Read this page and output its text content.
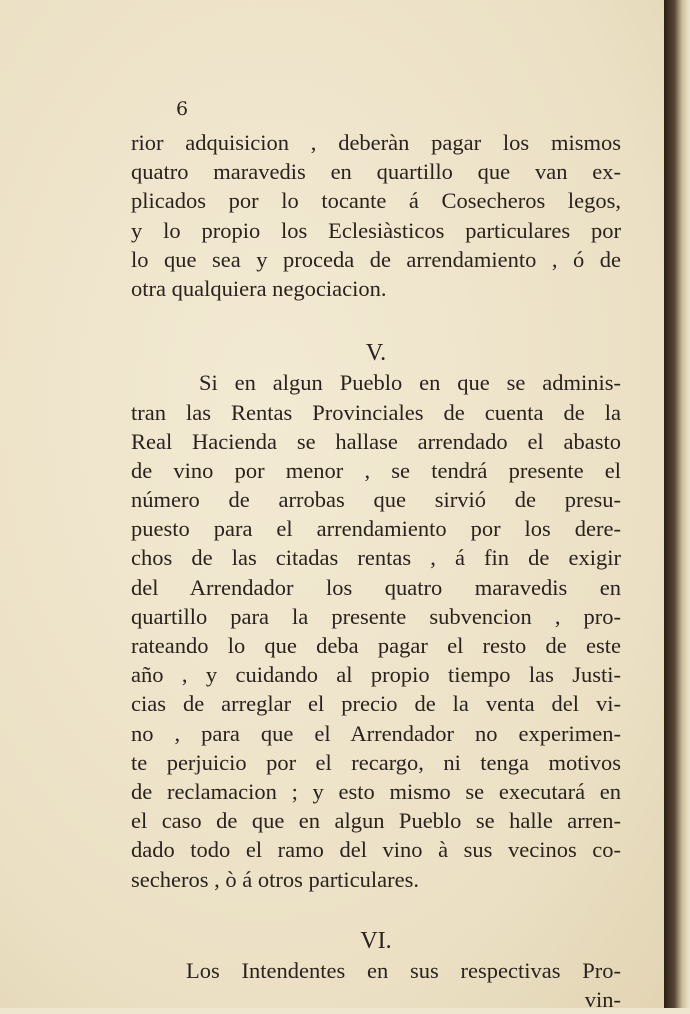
6
rior adquisicion , deberàn pagar los mismos
quatro maravedis en quartillo que van ex-
plicados por lo tocante á Cosecheros legos,
y lo propio los Eclesiàsticos particulares por
lo que sea y proceda de arrendamiento , ó de
otra qualquiera negociacion.
V.
Si en algun Pueblo en que se adminis-
tran las Rentas Provinciales de cuenta de la
Real Hacienda se hallase arrendado el abasto
de vino por menor , se tendrá presente el
número de arrobas que sirvió de presu-
puesto para el arrendamiento por los dere-
chos de las citadas rentas , á fin de exigir
del Arrendador los quatro maravedis en
quartillo para la presente subvencion , pro-
rateando lo que deba pagar el resto de este
año , y cuidando al propio tiempo las Justi-
cias de arreglar el precio de la venta del vi-
no , para que el Arrendador no experimen-
te perjuicio por el recargo, ni tenga motivos
de reclamacion ; y esto mismo se executará en
el caso de que en algun Pueblo se halle arren-
dado todo el ramo del vino à sus vecinos co-
secheros , ò á otros particulares.
VI.
Los Intendentes en sus respectivas Pro-
vin-
